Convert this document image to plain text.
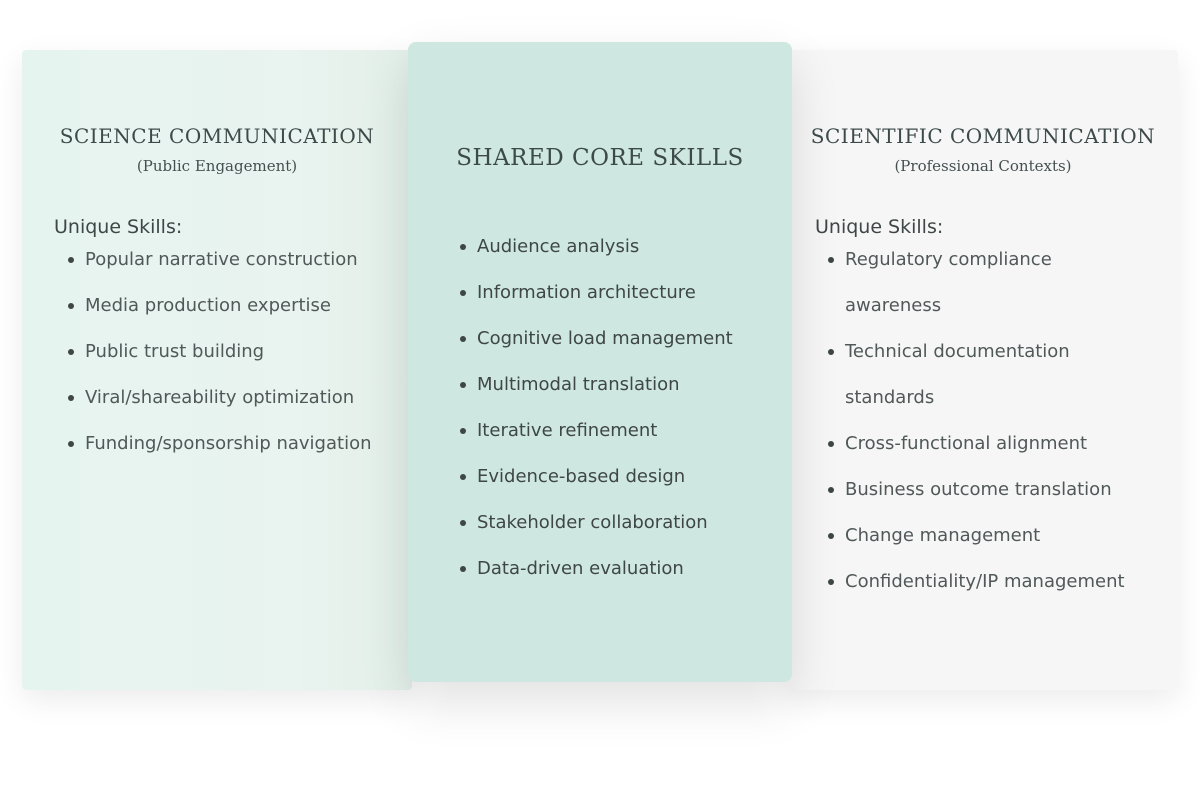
SCIENCE COMMUNICATION
(Public Engagement)
Unique Skills:
Popular narrative construction
Media production expertise
Public trust building
Viral/shareability optimization
Funding/sponsorship navigation
SHARED CORE SKILLS
Audience analysis
Information architecture
Cognitive load management
Multimodal translation
Iterative refinement
Evidence-based design
Stakeholder collaboration
Data-driven evaluation
SCIENTIFIC COMMUNICATION
(Professional Contexts)
Unique Skills:
Regulatory compliance awareness
Technical documentation standards
Cross-functional alignment
Business outcome translation
Change management
Confidentiality/IP management
